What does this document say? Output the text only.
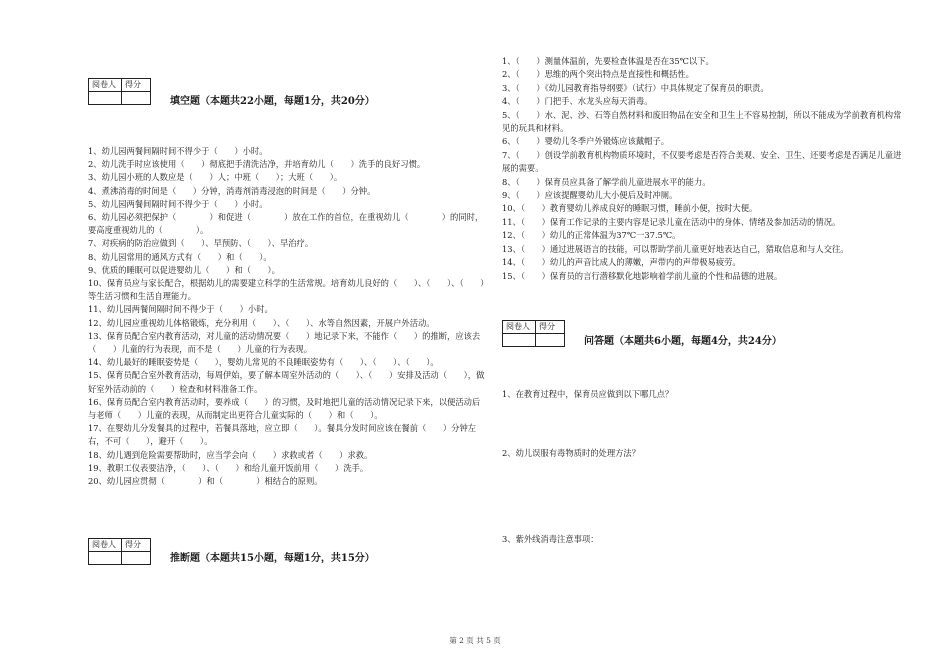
阅卷人	得分

填空题（本题共22小题，每题1分，共20分）
1、幼儿园两餐间隔时间不得少于（　　）小时。
2、幼儿洗手时应该使用（　　）彻底把手清洗洁净，并培育幼儿（　　）洗手的良好习惯。
3、幼儿园小班的人数应是（　　）人；中班（　　）；大班（　　）。
4、煮沸消毒的时间是（　　）分钟，消毒剂消毒浸泡的时间是（　　）分钟。
5、幼儿园两餐间隔时间不得少于（　　）小时。
6、幼儿园必须把保护（　　　　）和促进（　　　　）放在工作的首位，在重视幼儿（　　　　）的同时，要高度重视幼儿的（　　　　）。
7、对疾病的防治应做到（　　）、早预防、（　　）、早治疗。
8、幼儿园常用的通风方式有（　　）和（　　）。
9、优质的睡眠可以促进婴幼儿（　　）和（　　）。
10、保育员应与家长配合，根据幼儿的需要建立科学的生活常规。培育幼儿良好的（　　）、（　　）、（　　）等生活习惯和生活自理能力。
11、幼儿园两餐间隔时间不得少于（　　）小时。
12、幼儿园应重视幼儿体格锻炼，充分利用（　　）、（　　）、水等自然因素，开展户外活动。
13、保育员配合室内教育活动，对儿童的活动情况要（　　）地记录下来，不能作（　　）的推断，应该去（　　）儿童的行为表现，而不是（　　）儿童的行为表现。
14、幼儿最好的睡眠姿势是（　　），婴幼儿常见的不良睡眠姿势有（　　）、（　　）、（　　）。
15、保育员配合室外教育活动，每周伊始，要了解本周室外活动的（　　）、（　　）安排及活动（　　），做好室外活动前的（　　）检查和材料准备工作。
16、保育员配合室内教育活动时，要养成（　　）的习惯，及时地把儿童的活动情况记录下来，以便活动后与老师（　　）儿童的表现，从而制定出更符合儿童实际的（　　）和（　　）。
17、在婴幼儿分发餐具的过程中，若餐具落地，应立即（　　）。餐具分发时间应该在餐前（　　）分钟左右，不可（　　），避开（　　）。
18、幼儿遇到危险需要帮助时，应当学会向（　　）求救或者（　　）求救。
19、教职工仪表要洁净，（　　）、（　　）和给儿童开饭前用（　　）洗手。
20、幼儿园应贯彻（　　　　）和（　　　　）相结合的原则。
阅卷人	得分

推断题（本题共15小题，每题1分，共15分）
1、（　　）测量体温前，先要检查体温是否在35℃以下。
2、（　　）思维的两个突出特点是直接性和概括性。
3、（　　）《幼儿园教育指导纲要》（试行）中具体规定了保育员的职责。
4、（　　）门把手、水龙头应每天消毒。
5、（　　）水、泥、沙、石等自然材料和废旧物品在安全和卫生上不容易控制，所以不能成为学前教育机构常见的玩具和材料。
6、（　　）婴幼儿冬季户外锻炼应该戴帽子。
7、（　　）创设学前教育机构物质环境时，不仅要考虑是否符合美观、安全、卫生、还要考虑是否满足儿童进展的需要。
8、（　　）保育员应具备了解学前儿童进展水平的能力。
9、（　　）应该提醒婴幼儿大小便后及时冲厕。
10、（　　）教育婴幼儿养成良好的睡眠习惯，睡前小便，按时大便。
11、（　　）保育工作记录的主要内容是记录儿童在活动中的身体、情绪及参加活动的情况。
12、（　　）幼儿的正常体温为37℃一37.5℃。
13、（　　）通过进展语言的技能，可以帮助学前儿童更好地表达自己，猎取信息和与人交往。
14、（　　）幼儿的声音比成人的薄嫩，声带内的声带极易疲劳。
15、（　　）保育员的言行潜移默化地影响着学前儿童的个性和品德的进展。
阅卷人	得分

问答题（本题共6小题，每题4分，共24分）
1、在教育过程中，保育员应做到以下哪几点？
2、幼儿误服有毒物质时的处理方法？
3、紫外线消毒注意事项：
第 2 页 共 5 页
